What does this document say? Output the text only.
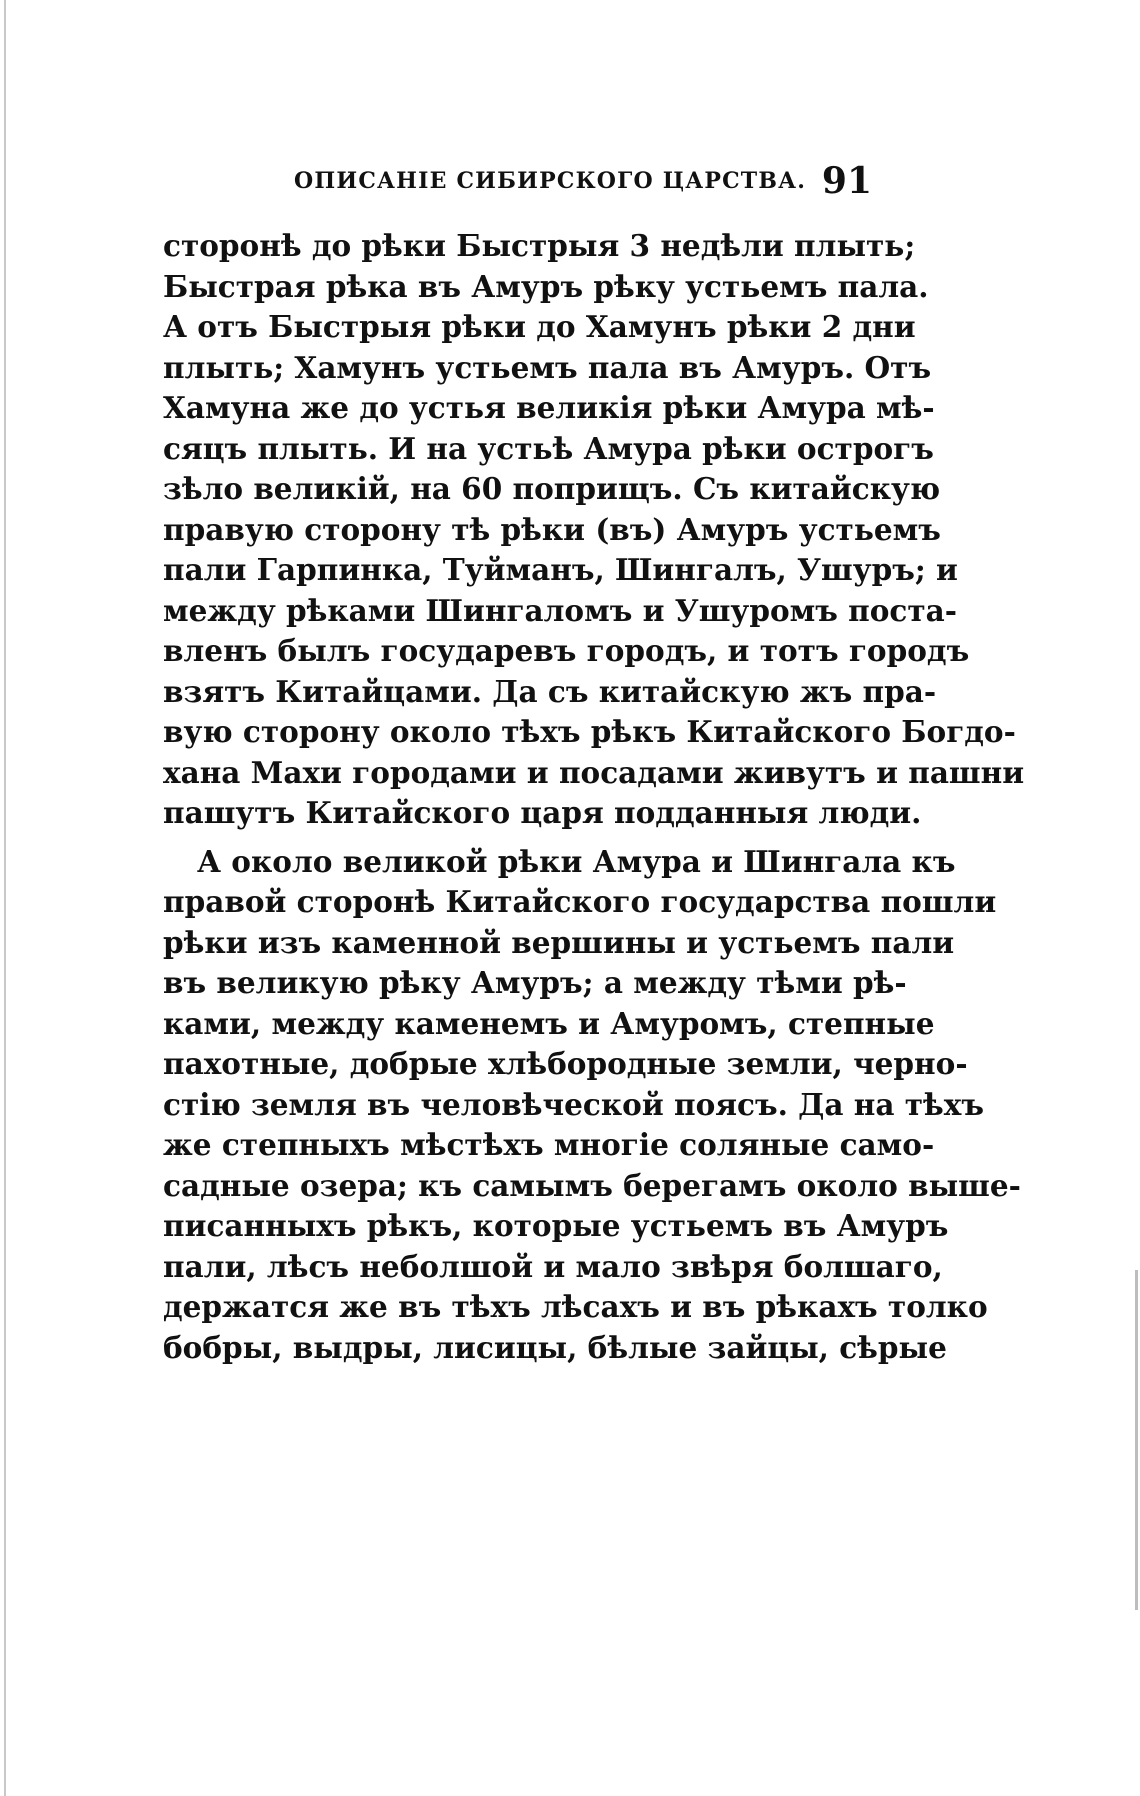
ОПИСАНІЕ СИБИРСКОГО ЦАРСТВА. 91
сторонѣ до рѣки Быстрыя 3 недѣли плыть;
Быстрая рѣка въ Амуръ рѣку устьемъ пала.
А отъ Быстрыя рѣки до Хамунъ рѣки 2 дни
плыть; Хамунъ устьемъ пала въ Амуръ. Отъ
Хамуна же до устья великія рѣки Амура мѣ-
сяцъ плыть. И на устьѣ Амура рѣки острогъ
зѣло великій, на 60 поприщъ. Съ китайскую
правую сторону тѣ рѣки (въ) Амуръ устьемъ
пали Гарпинка, Туйманъ, Шингалъ, Ушуръ; и
между рѣками Шингаломъ и Ушуромъ поста-
вленъ былъ государевъ городъ, и тотъ городъ
взятъ Китайцами. Да съ китайскую жъ пра-
вую сторону около тѣхъ рѣкъ Китайского Богдо-
хана Махи городами и посадами живутъ и пашни
пашутъ Китайского царя подданныя люди.
А около великой рѣки Амура и Шингала къ
правой сторонѣ Китайского государства пошли
рѣки изъ каменной вершины и устьемъ пали
въ великую рѣку Амуръ; а между тѣми рѣ-
ками, между каменемъ и Амуромъ, степные
пахотные, добрые хлѣбородные земли, черно-
стію земля въ человѣческой поясъ. Да на тѣхъ
же степныхъ мѣстѣхъ многіе соляные само-
садные озера; къ самымъ берегамъ около выше-
писанныхъ рѣкъ, которые устьемъ въ Амуръ
пали, лѣсъ неболшой и мало звѣря болшаго,
держатся же въ тѣхъ лѣсахъ и въ рѣкахъ толко
бобры, выдры, лисицы, бѣлые зайцы, сѣрые
